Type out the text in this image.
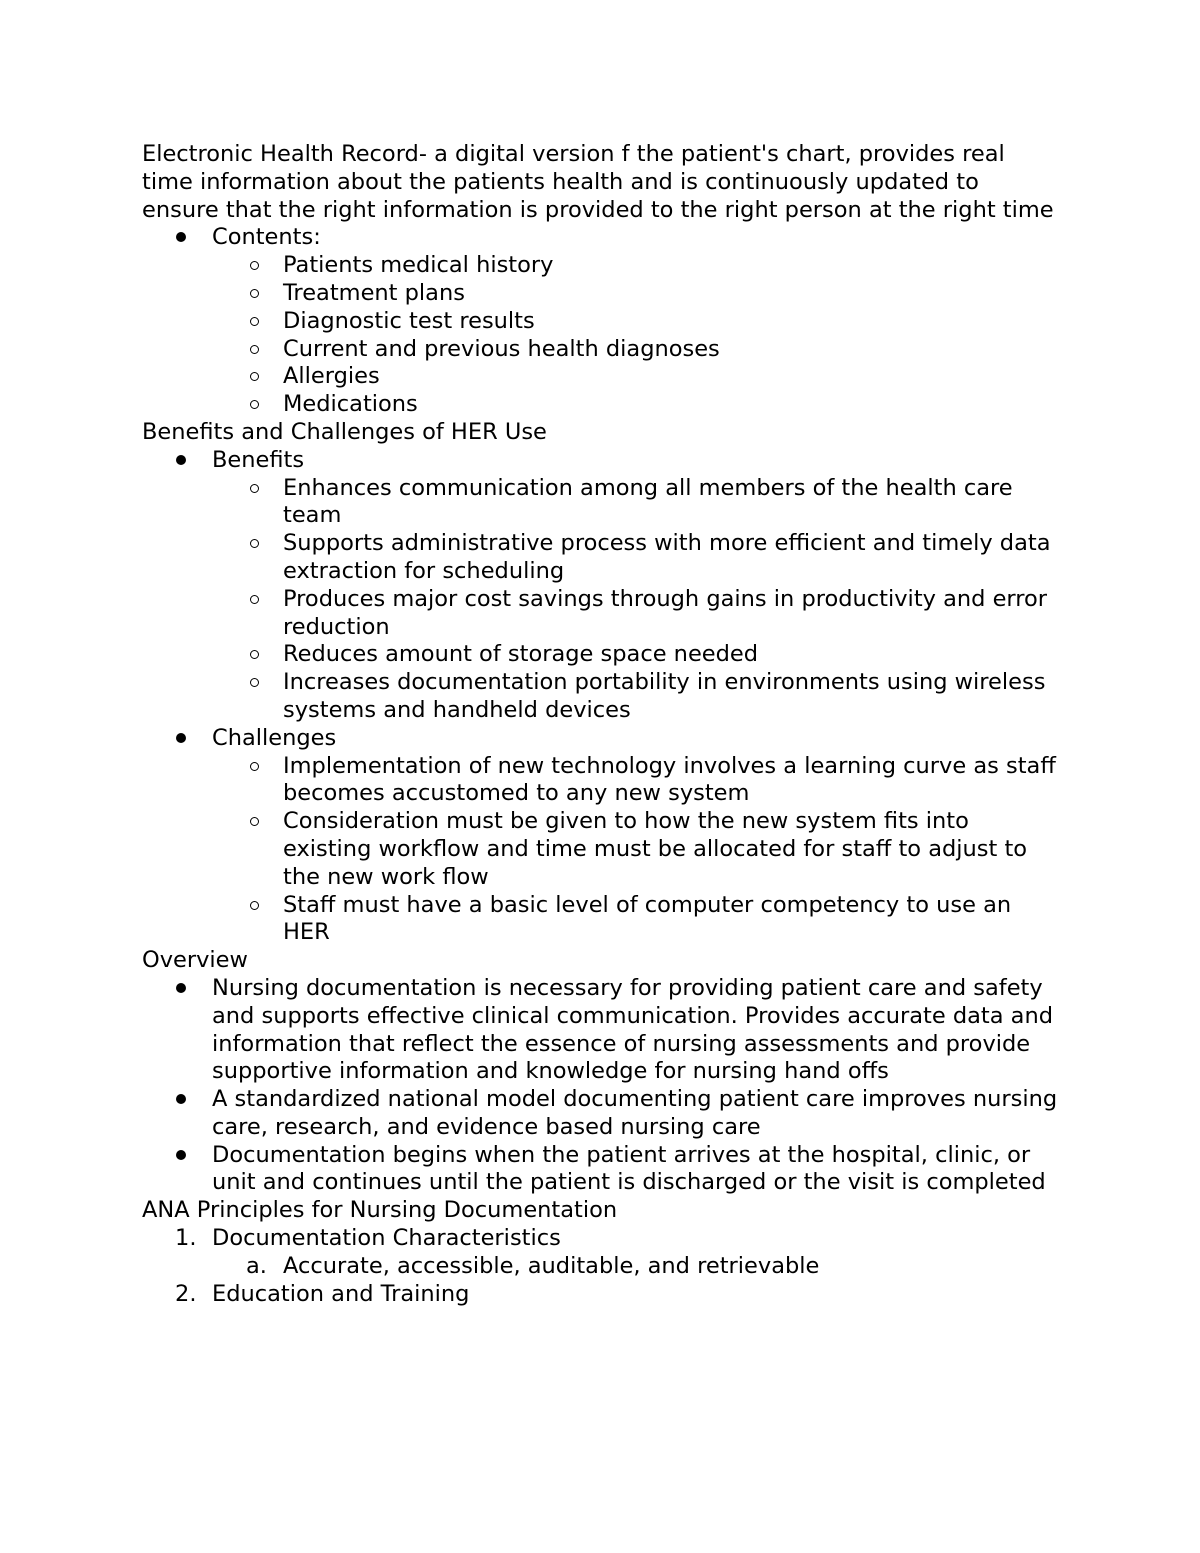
Electronic Health Record- a digital version f the patient's chart, provides real time information about the patients health and is continuously updated to ensure that the right information is provided to the right person at the right time

Contents:
Patients medical history
Treatment plans
Diagnostic test results
Current and previous health diagnoses
Allergies
Medications

Benefits and Challenges of HER Use

Benefits
Enhances communication among all members of the health care team
Supports administrative process with more efficient and timely data extraction for scheduling
Produces major cost savings through gains in productivity and error reduction
Reduces amount of storage space needed
Increases documentation portability in environments using wireless systems and handheld devices
Challenges
Implementation of new technology involves a learning curve as staff becomes accustomed to any new system
Consideration must be given to how the new system fits into existing workflow and time must be allocated for staff to adjust to the new work flow
Staff must have a basic level of computer competency to use an HER

Overview

Nursing documentation is necessary for providing patient care and safety and supports effective clinical communication. Provides accurate data and information that reflect the essence of nursing assessments and provide supportive information and knowledge for nursing hand offs
A standardized national model documenting patient care improves nursing care, research, and evidence based nursing care
Documentation begins when the patient arrives at the hospital, clinic, or unit and continues until the patient is discharged or the visit is completed

ANA Principles for Nursing Documentation

1. Documentation Characteristics
a. Accurate, accessible, auditable, and retrievable
2. Education and Training
